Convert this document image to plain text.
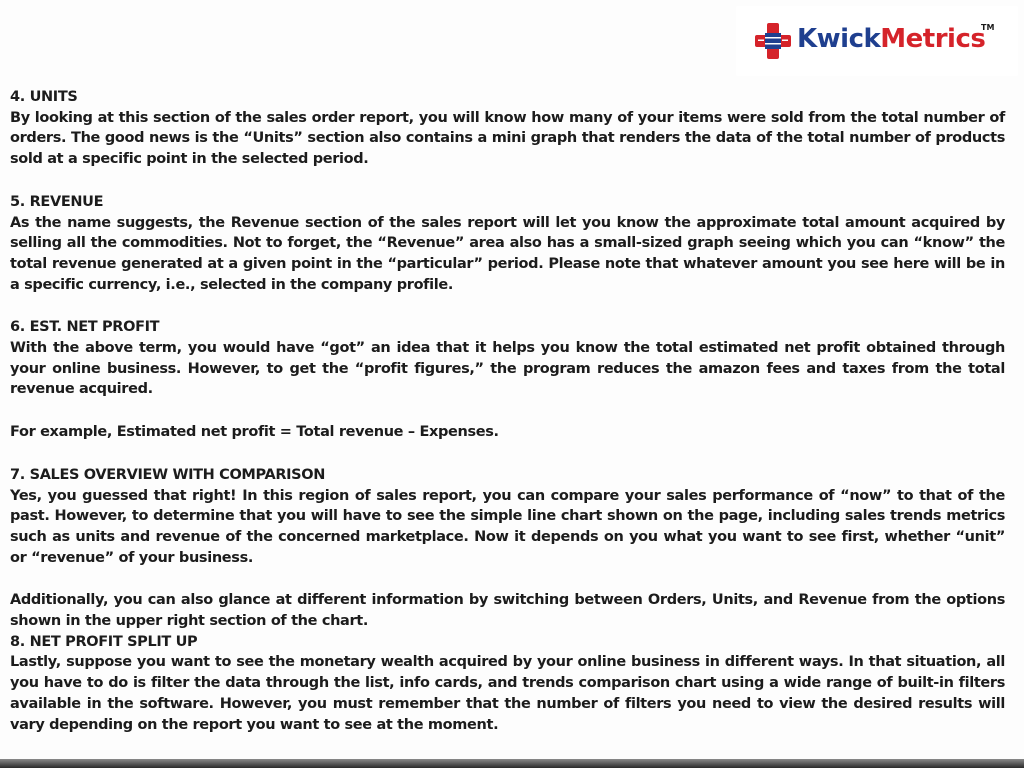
KwickMetrics
TM
4. UNITS

By looking at this section of the sales order report, you will know how many of your items were sold from the total number of orders. The good news is the “Units” section also contains a mini graph that renders the data of the total number of products sold at a specific point in the selected period.

5. REVENUE

As the name suggests, the Revenue section of the sales report will let you know the approximate total amount acquired by selling all the commodities. Not to forget, the “Revenue” area also has a small-sized graph seeing which you can “know” the total revenue generated at a given point in the “particular” period. Please note that whatever amount you see here will be in a specific currency, i.e., selected in the company profile.

6. EST. NET PROFIT

With the above term, you would have “got” an idea that it helps you know the total estimated net profit obtained through your online business. However, to get the “profit figures,” the program reduces the amazon fees and taxes from the total revenue acquired.

For example, Estimated net profit = Total revenue – Expenses.

7. SALES OVERVIEW WITH COMPARISON

Yes, you guessed that right! In this region of sales report, you can compare your sales performance of “now” to that of the past. However, to determine that you will have to see the simple line chart shown on the page, including sales trends metrics such as units and revenue of the concerned marketplace. Now it depends on you what you want to see first, whether “unit” or “revenue” of your business.

Additionally, you can also glance at different information by switching between Orders, Units, and Revenue from the options shown in the upper right section of the chart.

8. NET PROFIT SPLIT UP

Lastly, suppose you want to see the monetary wealth acquired by your online business in different ways. In that situation, all you have to do is filter the data through the list, info cards, and trends comparison chart using a wide range of built-in filters available in the software. However, you must remember that the number of filters you need to view the desired results will vary depending on the report you want to see at the moment.
